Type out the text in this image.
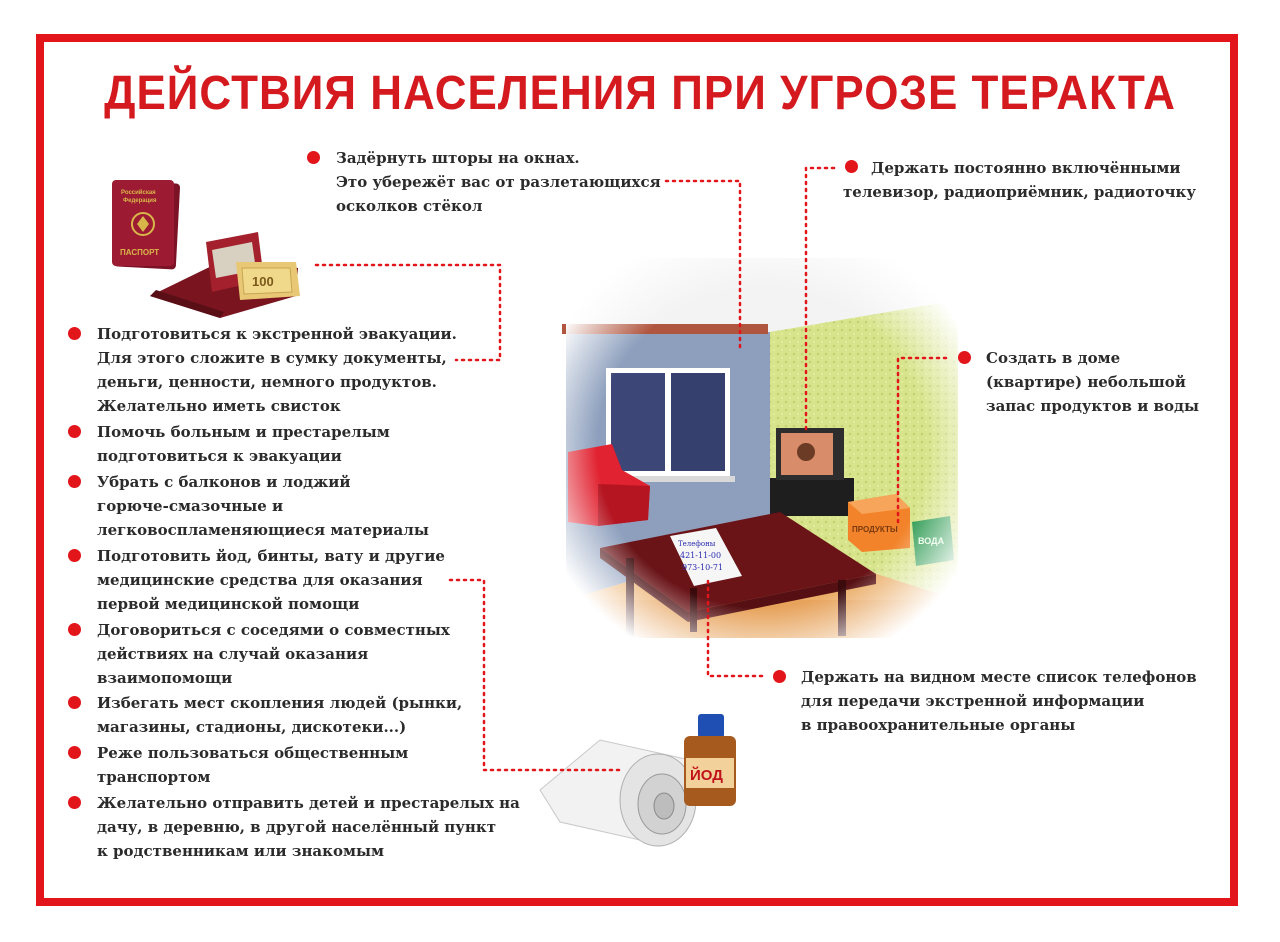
ДЕЙСТВИЯ НАСЕЛЕНИЯ ПРИ УГРОЗЕ ТЕРАКТА
Российская
Федерация
ПАСПОРТ
100
ЙОД
Задёрнуть шторы на окнах.
Это убережёт вас от разлетающихся
осколков стёкол
Держать постоянно включёнными
телевизор, радиоприёмник, радиоточку
Создать в доме
(квартире) небольшой
запас продуктов и воды
Держать на видном месте список телефонов
для передачи экстренной информации
в правоохранительные органы
Подготовиться к экстренной эвакуации.
Для этого сложите в сумку документы,
деньги, ценности, немного продуктов.
Желательно иметь свисток
Помочь больным и престарелым
подготовиться к эвакуации
Убрать с балконов и лоджий
горюче-смазочные и
легковоспламеняющиеся материалы
Подготовить йод, бинты, вату и другие
медицинские средства для оказания
первой медицинской помощи
Договориться с соседями о совместных
действиях на случай оказания
взаимопомощи
Избегать мест скопления людей (рынки,
магазины, стадионы, дискотеки...)
Реже пользоваться общественным
транспортом
Желательно отправить детей и престарелых на
дачу, в деревню, в другой населённый пункт
к родственникам или знакомым
